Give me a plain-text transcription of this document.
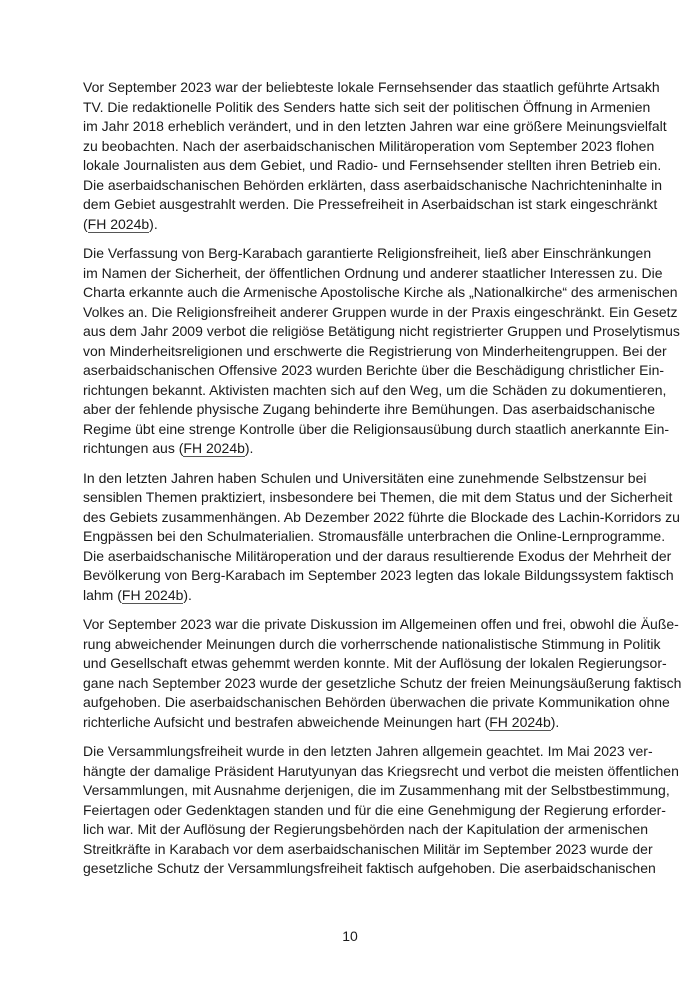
Vor September 2023 war der beliebteste lokale Fernsehsender das staatlich geführte Artsakh
TV. Die redaktionelle Politik des Senders hatte sich seit der politischen Öffnung in Armenien
im Jahr 2018 erheblich verändert, und in den letzten Jahren war eine größere Meinungsvielfalt
zu beobachten. Nach der aserbaidschanischen Militäroperation vom September 2023 flohen
lokale Journalisten aus dem Gebiet, und Radio- und Fernsehsender stellten ihren Betrieb ein.
Die aserbaidschanischen Behörden erklärten, dass aserbaidschanische Nachrichteninhalte in
dem Gebiet ausgestrahlt werden. Die Pressefreiheit in Aserbaidschan ist stark eingeschränkt
(FH 2024b).

Die Verfassung von Berg-Karabach garantierte Religionsfreiheit, ließ aber Einschränkungen
im Namen der Sicherheit, der öffentlichen Ordnung und anderer staatlicher Interessen zu. Die
Charta erkannte auch die Armenische Apostolische Kirche als „Nationalkirche“ des armenischen
Volkes an. Die Religionsfreiheit anderer Gruppen wurde in der Praxis eingeschränkt. Ein Gesetz
aus dem Jahr 2009 verbot die religiöse Betätigung nicht registrierter Gruppen und Proselytismus
von Minderheitsreligionen und erschwerte die Registrierung von Minderheitengruppen. Bei der
aserbaidschanischen Offensive 2023 wurden Berichte über die Beschädigung christlicher Ein-
richtungen bekannt. Aktivisten machten sich auf den Weg, um die Schäden zu dokumentieren,
aber der fehlende physische Zugang behinderte ihre Bemühungen. Das aserbaidschanische
Regime übt eine strenge Kontrolle über die Religionsausübung durch staatlich anerkannte Ein-
richtungen aus (FH 2024b).

In den letzten Jahren haben Schulen und Universitäten eine zunehmende Selbstzensur bei
sensiblen Themen praktiziert, insbesondere bei Themen, die mit dem Status und der Sicherheit
des Gebiets zusammenhängen. Ab Dezember 2022 führte die Blockade des Lachin-Korridors zu
Engpässen bei den Schulmaterialien. Stromausfälle unterbrachen die Online-Lernprogramme.
Die aserbaidschanische Militäroperation und der daraus resultierende Exodus der Mehrheit der
Bevölkerung von Berg-Karabach im September 2023 legten das lokale Bildungssystem faktisch
lahm (FH 2024b).

Vor September 2023 war die private Diskussion im Allgemeinen offen und frei, obwohl die Äuße-
rung abweichender Meinungen durch die vorherrschende nationalistische Stimmung in Politik
und Gesellschaft etwas gehemmt werden konnte. Mit der Auflösung der lokalen Regierungsor-
gane nach September 2023 wurde der gesetzliche Schutz der freien Meinungsäußerung faktisch
aufgehoben. Die aserbaidschanischen Behörden überwachen die private Kommunikation ohne
richterliche Aufsicht und bestrafen abweichende Meinungen hart (FH 2024b).

Die Versammlungsfreiheit wurde in den letzten Jahren allgemein geachtet. Im Mai 2023 ver-
hängte der damalige Präsident Harutyunyan das Kriegsrecht und verbot die meisten öffentlichen
Versammlungen, mit Ausnahme derjenigen, die im Zusammenhang mit der Selbstbestimmung,
Feiertagen oder Gedenktagen standen und für die eine Genehmigung der Regierung erforder-
lich war. Mit der Auflösung der Regierungsbehörden nach der Kapitulation der armenischen
Streitkräfte in Karabach vor dem aserbaidschanischen Militär im September 2023 wurde der
gesetzliche Schutz der Versammlungsfreiheit faktisch aufgehoben. Die aserbaidschanischen

10
